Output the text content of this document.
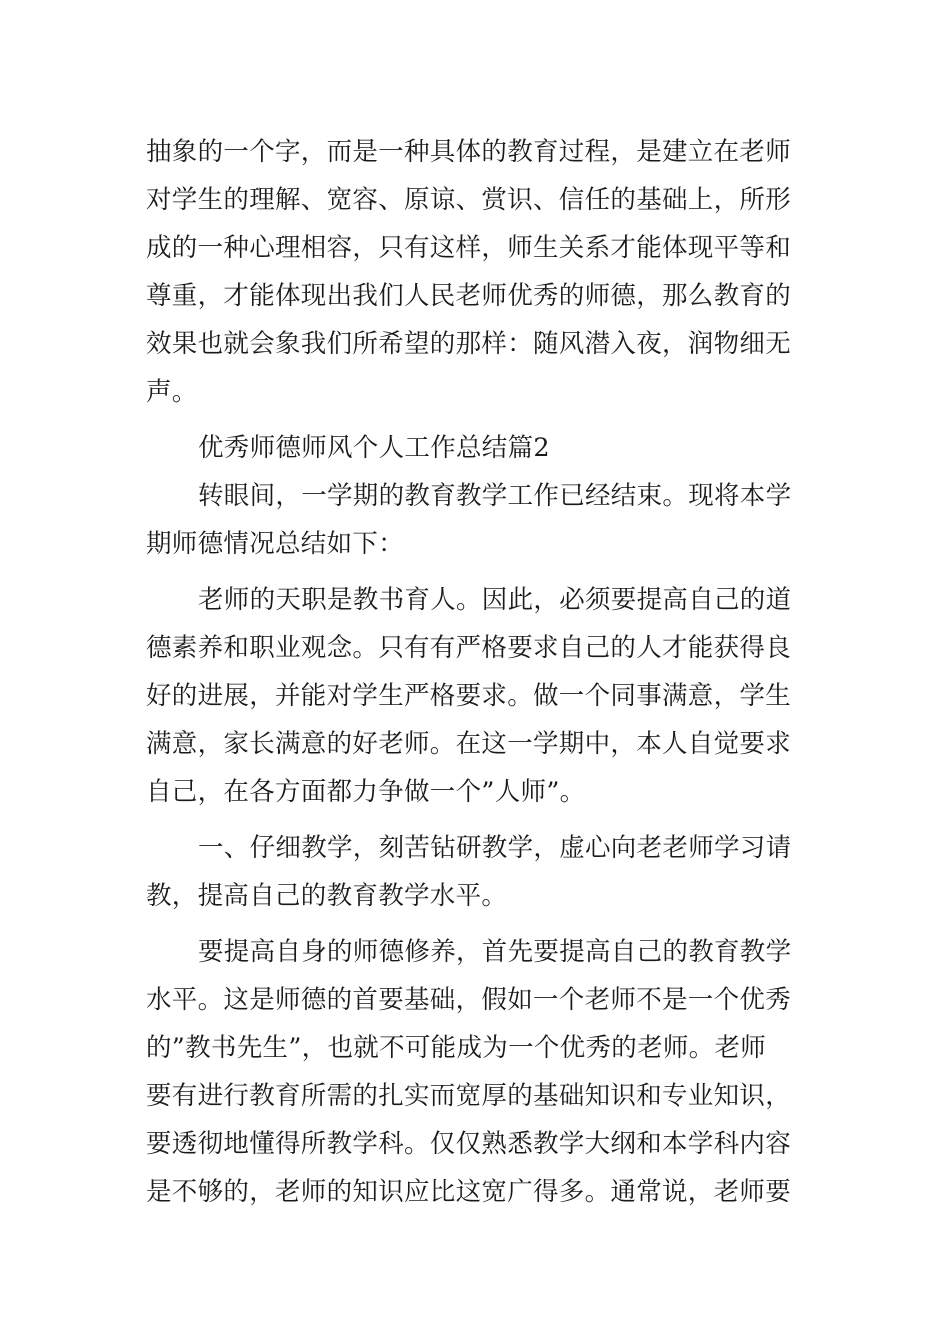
抽象的一个字，而是一种具体的教育过程，是建立在老师
对学生的理解、宽容、原谅、赏识、信任的基础上，所形
成的一种心理相容，只有这样，师生关系才能体现平等和
尊重，才能体现出我们人民老师优秀的师德，那么教育的
效果也就会象我们所希望的那样：随风潜入夜，润物细无
声。
优秀师德师风个人工作总结篇2
转眼间，一学期的教育教学工作已经结束。现将本学
期师德情况总结如下：
老师的天职是教书育人。因此，必须要提高自己的道
德素养和职业观念。只有有严格要求自己的人才能获得良
好的进展，并能对学生严格要求。做一个同事满意，学生
满意，家长满意的好老师。在这一学期中，本人自觉要求
自己，在各方面都力争做一个”人师”。
一、仔细教学，刻苦钻研教学，虚心向老老师学习请
教，提高自己的教育教学水平。
要提高自身的师德修养，首先要提高自己的教育教学
水平。这是师德的首要基础，假如一个老师不是一个优秀
的”教书先生”，也就不可能成为一个优秀的老师。老师
要有进行教育所需的扎实而宽厚的基础知识和专业知识，
要透彻地懂得所教学科。仅仅熟悉教学大纲和本学科内容
是不够的，老师的知识应比这宽广得多。通常说，老师要
